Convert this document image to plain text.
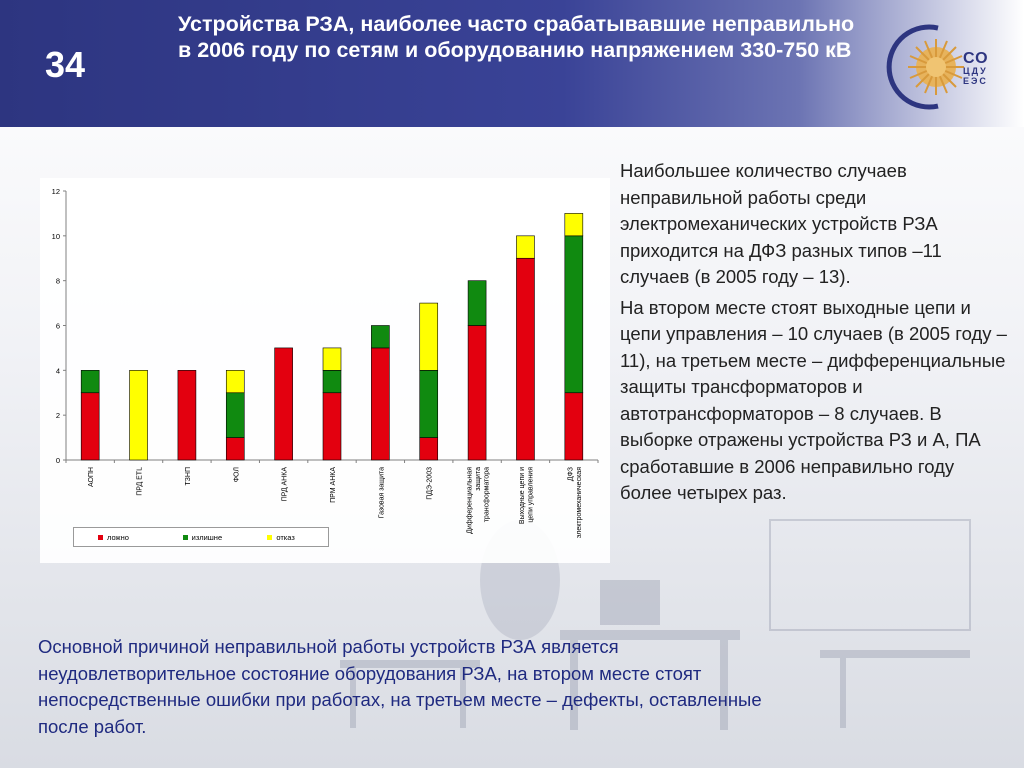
34
Устройства РЗА, наиболее часто срабатывавшие неправильно в 2006 году по сетям и оборудованию напряжением 330-750 кВ	СО
ЦДУ
ЕЭС
0
2
4
6
8
10
12
АОПН	ПРД ETL	ТЗНП	ФОЛ	ПРД АНКА	ПРМ АНКА	Газовая защита	ПДЭ-2003	Дифференциальная защита трансформатора	Выходные цепи и цепи управления	ДФЗ электромеханическая
ложно	излишне	отказ

Наибольшее количество случаев неправильной работы среди электромеханических устройств РЗА приходится на ДФЗ разных типов –11 случаев (в 2005 году – 13).

На втором месте стоят выходные цепи и цепи управления – 10 случаев (в 2005 году –11), на третьем месте – дифференциальные защиты трансформаторов и автотрансформаторов – 8 случаев. В выборке отражены устройства РЗ и А, ПА сработавшие в 2006 неправильно году более четырех раз.

Основной причиной неправильной работы устройств РЗА является неудовлетворительное состояние оборудования РЗА, на втором месте стоят непосредственные ошибки при работах, на третьем месте – дефекты, оставленные после работ.
